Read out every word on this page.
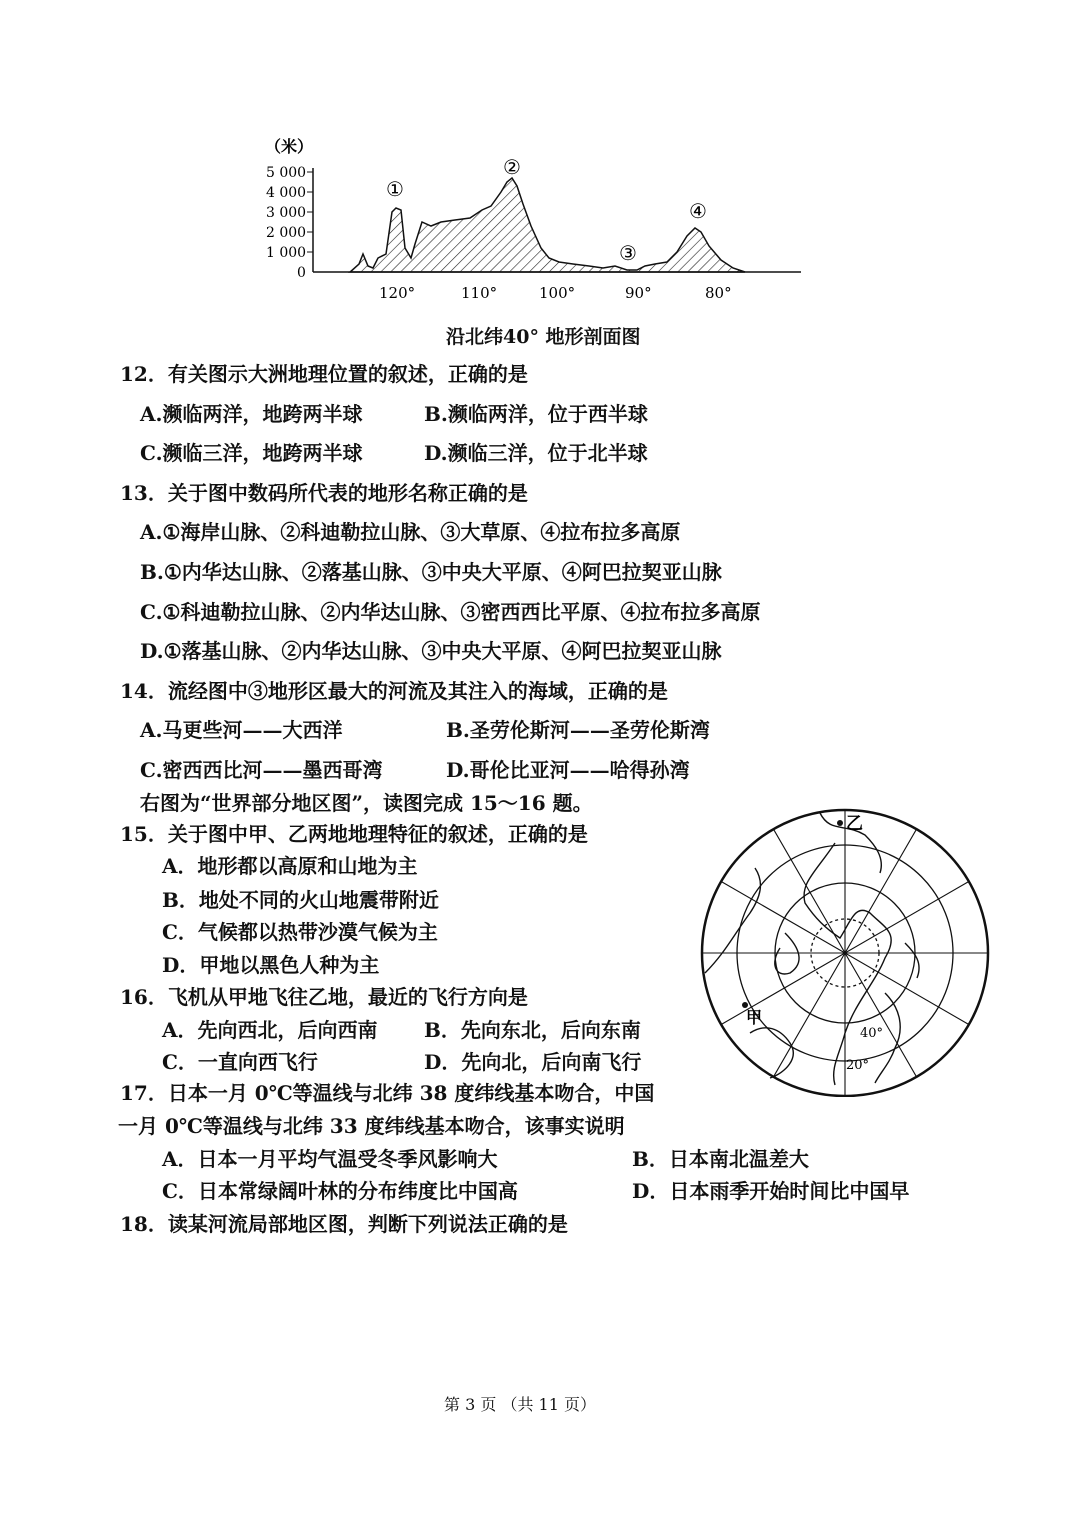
（米）
5 000
4 000
3 000
2 000
1 000
0
①
②
③
④
120°	110°	100°	90°	80°
沿北纬40° 地形剖面图
12．有关图示大洲地理位置的叙述，正确的是
A.濒临两洋，地跨两半球	B.濒临两洋，位于西半球
C.濒临三洋，地跨两半球	D.濒临三洋，位于北半球
13．关于图中数码所代表的地形名称正确的是
A.①海岸山脉、②科迪勒拉山脉、③大草原、④拉布拉多高原
B.①内华达山脉、②落基山脉、③中央大平原、④阿巴拉契亚山脉
C.①科迪勒拉山脉、②内华达山脉、③密西西比平原、④拉布拉多高原
D.①落基山脉、②内华达山脉、③中央大平原、④阿巴拉契亚山脉
14．流经图中③地形区最大的河流及其注入的海域，正确的是
A.马更些河——大西洋	B.圣劳伦斯河——圣劳伦斯湾
C.密西西比河——墨西哥湾	D.哥伦比亚河——哈得孙湾
右图为“世界部分地区图”，读图完成 15～16 题。
15．关于图中甲、乙两地地理特征的叙述，正确的是
A．地形都以高原和山地为主
B．地处不同的火山地震带附近
C．气候都以热带沙漠气候为主
D．甲地以黑色人种为主
16．飞机从甲地飞往乙地，最近的飞行方向是
A．先向西北，后向西南 B．先向东北，后向东南
C．一直向西飞行	D．先向北，后向南飞行
甲
乙
40°
20°
17．日本一月 0℃等温线与北纬 38 度纬线基本吻合，中国
一月 0℃等温线与北纬 33 度纬线基本吻合，该事实说明
A．日本一月平均气温受冬季风影响大	B．日本南北温差大
C．日本常绿阔叶林的分布纬度比中国高	D．日本雨季开始时间比中国早
18．读某河流局部地区图，判断下列说法正确的是
第 3 页 （共 11 页）
